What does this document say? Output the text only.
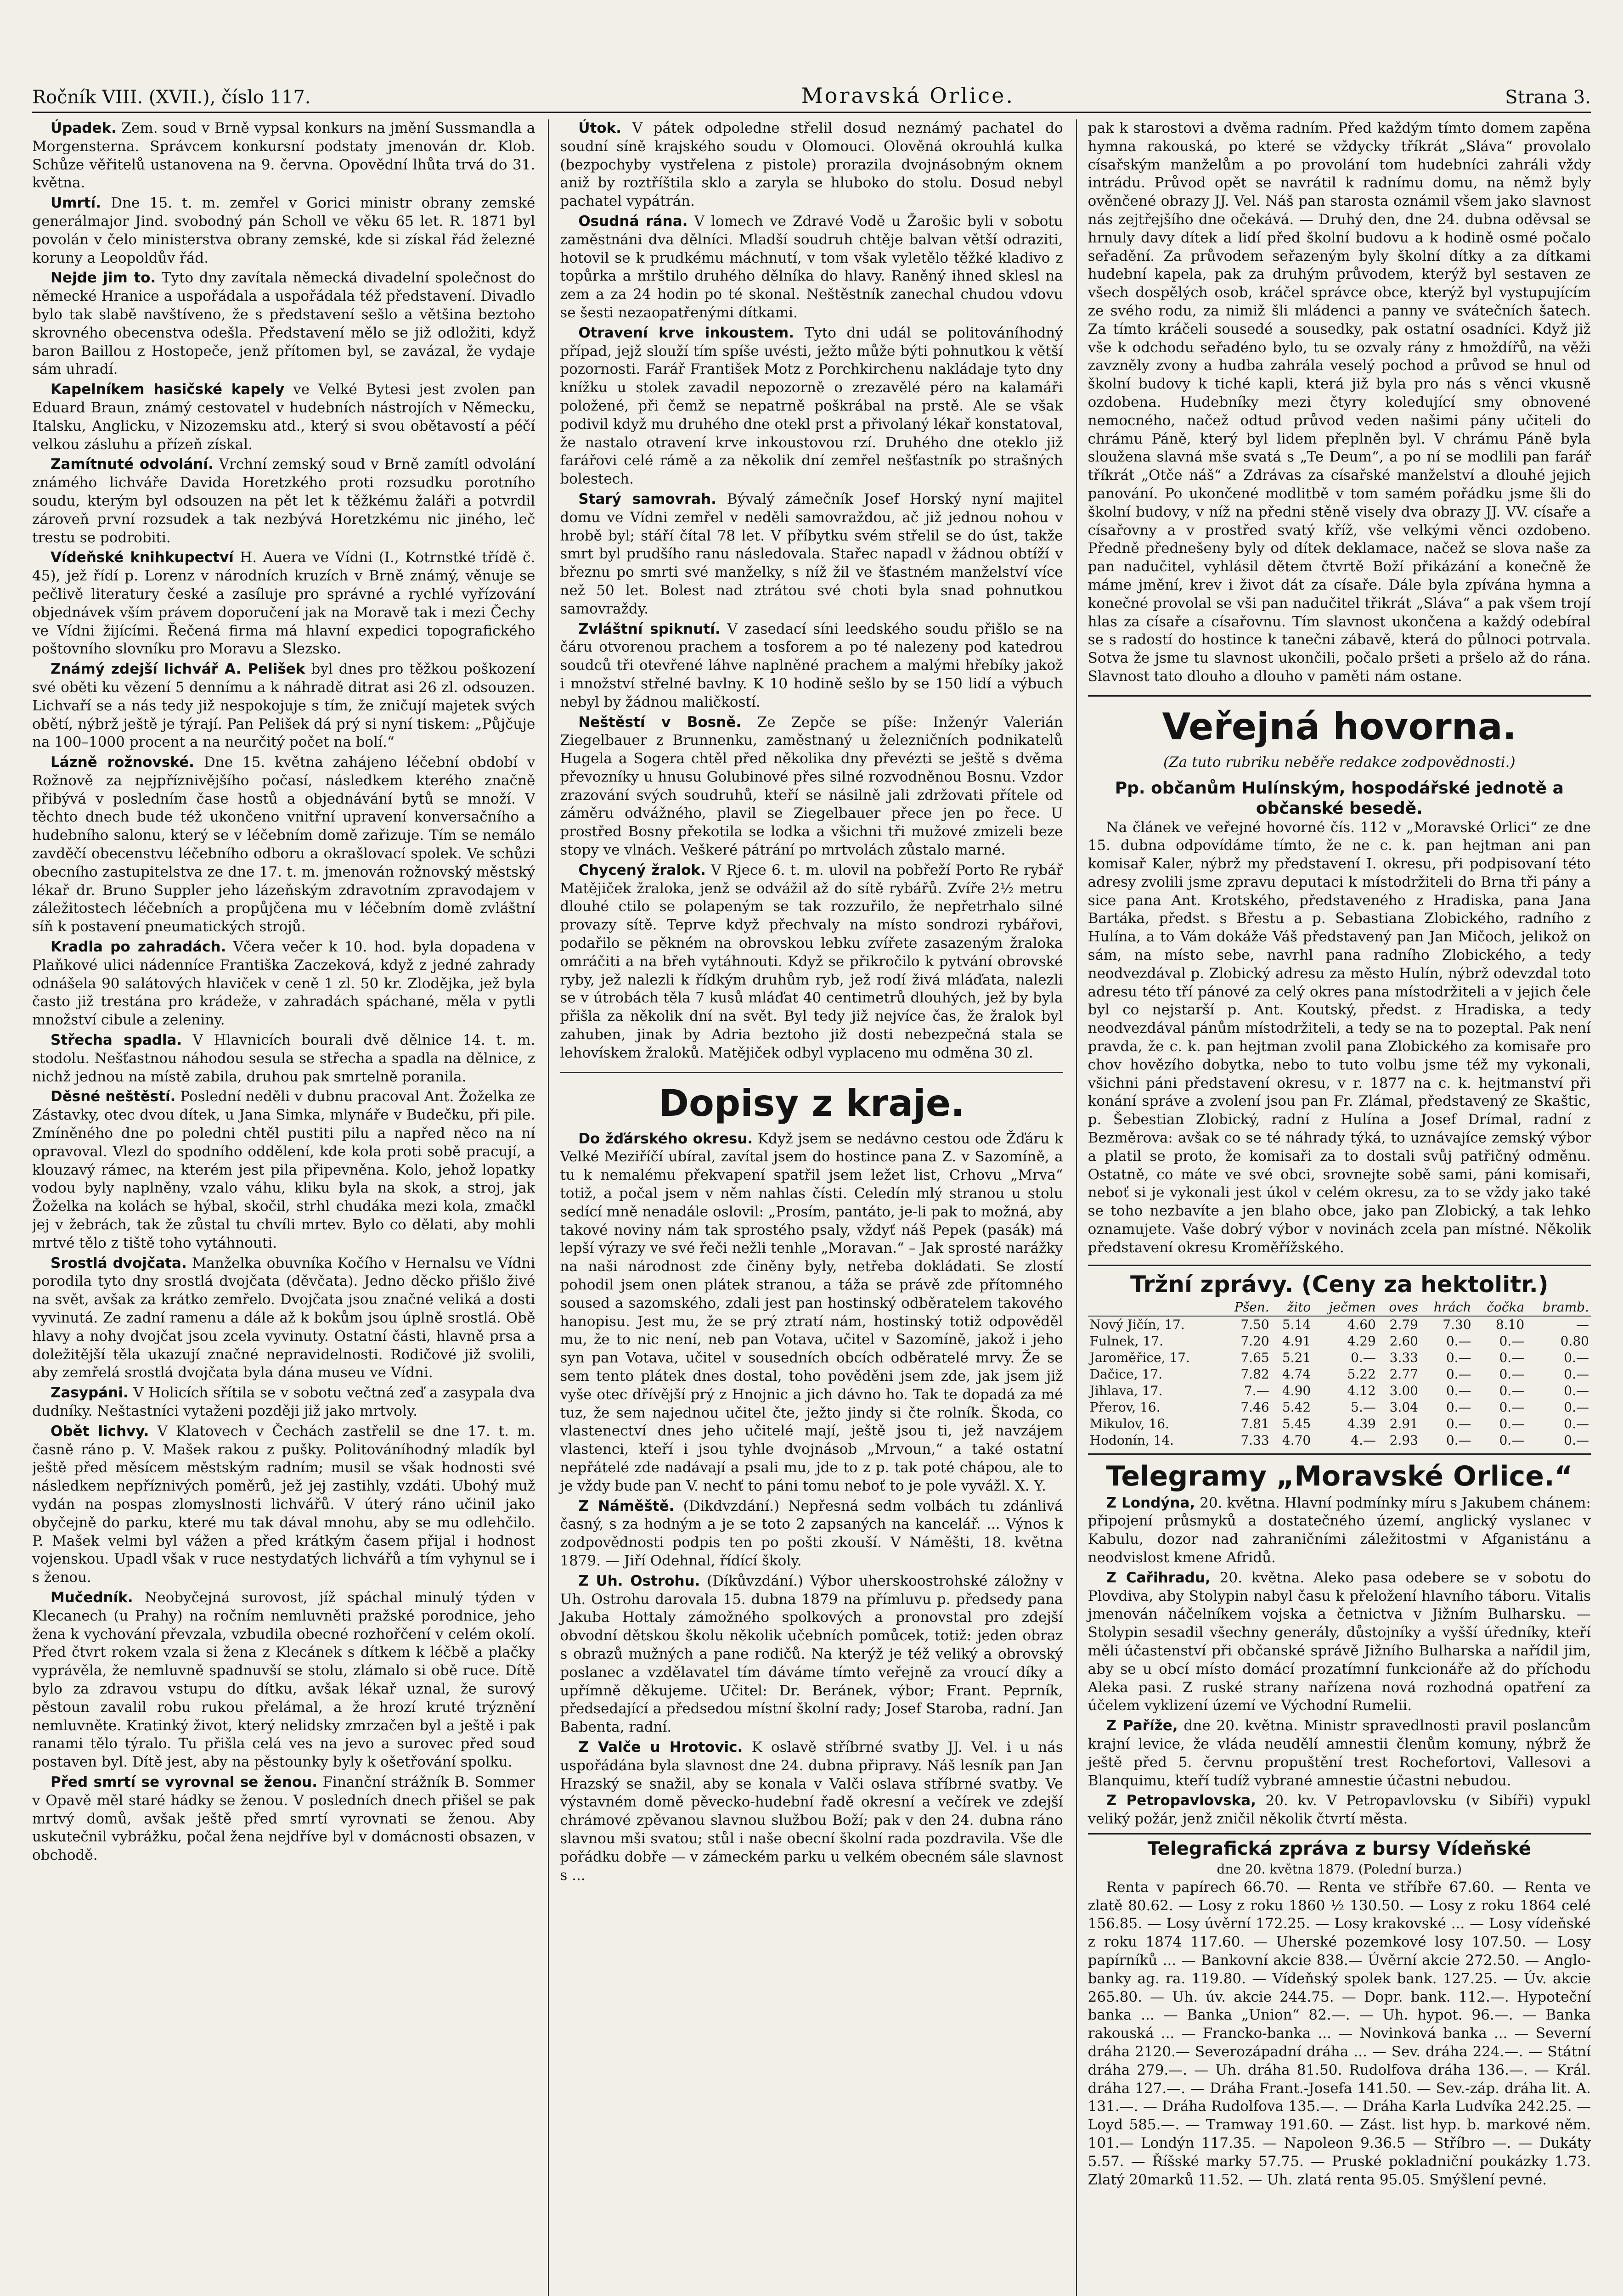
Ročník VIII. (XVII.), číslo 117.	Moravská Orlice.	Strana 3.

Úpadek. Zem. soud v Brně vypsal konkurs na jmění Sussmandla a Morgensterna. Správcem konkursní podstaty jmenován dr. Klob. Schůze věřitelů ustanovena na 9. června. Opovědní lhůta trvá do 31. května.

Umrtí. Dne 15. t. m. zemřel v Gorici ministr obrany zemské generálmajor Jind. svobodný pán Scholl ve věku 65 let. R. 1871 byl povolán v čelo ministerstva obrany zemské, kde si získal řád železné koruny a Leopoldův řád.

Nejde jim to. Tyto dny zavítala německá divadelní společnost do německé Hranice a uspořádala a uspořádala též představení. Divadlo bylo tak slabě navštíveno, že s představení sešlo a většina beztoho skrovného obecenstva odešla. Představení mělo se již odložiti, když baron Baillou z Hostopeče, jenž přítomen byl, se zavázal, že vydaje sám uhradí.

Kapelníkem hasičské kapely ve Velké Bytesi jest zvolen pan Eduard Braun, známý cestovatel v hudebních nástrojích v Německu, Italsku, Anglicku, v Nizozemsku atd., který si svou obětavostí a péčí velkou zásluhu a přízeň získal.

Zamítnuté odvolání. Vrchní zemský soud v Brně zamítl odvolání známého lichváře Davida Horetzkého proti rozsudku porotního soudu, kterým byl odsouzen na pět let k těžkému žaláři a potvrdil zároveň první rozsudek a tak nezbývá Horetzkému nic jiného, leč trestu se podrobiti.

Vídeňské knihkupectví H. Auera ve Vídni (I., Kotrnstké třídě č. 45), jež řídí p. Lorenz v národních kruzích v Brně známý, věnuje se pečlivě literatury české a zasíluje pro správné a rychlé vyřízování objednávek vším právem doporučení jak na Moravě tak i mezi Čechy ve Vídni žijícími. Řečená firma má hlavní expedici topografického poštovního slovníku pro Moravu a Slezsko.

Známý zdejší lichvář A. Pelišek byl dnes pro těžkou poškození své oběti ku vězení 5 dennímu a k náhradě ditrat asi 26 zl. odsouzen. Lichvaří se a nás tedy již nespokojuje s tím, že zničují majetek svých obětí, nýbrž ještě je týrají. Pan Pelišek dá prý si nyní tiskem: „Půjčuje na 100–1000 procent a na neurčitý počet na bolí.“

Lázně rožnovské. Dne 15. května zahájeno léčební období v Rožnově za nejpříznivějšího počasí, následkem kterého značně přibývá v posledním čase hostů a objednávání bytů se množí. V těchto dnech bude též ukončeno vnitřní upravení konversačního a hudebního salonu, který se v léčebním domě zařizuje. Tím se nemálo zavděčí obecenstvu léčebního odboru a okrašlovací spolek. Ve schůzi obecního zastupitelstva ze dne 17. t. m. jmenován rožnovský městský lékař dr. Bruno Suppler jeho lázeňským zdravotním zpravodajem v záležitostech léčebních a propůjčena mu v léčebním domě zvláštní síň k postavení pneumatických strojů.

Kradla po zahradách. Včera večer k 10. hod. byla dopadena v Plaňkové ulici nádenníce Františka Zaczeková, když z jedné zahrady odnášela 90 salátových hlaviček v ceně 1 zl. 50 kr. Zlodějka, jež byla často již trestána pro krádeže, v zahradách spáchané, měla v pytli množství cibule a zeleniny.

Střecha spadla. V Hlavnicích bourali dvě dělnice 14. t. m. stodolu. Nešťastnou náhodou sesula se střecha a spadla na dělnice, z nichž jednou na místě zabila, druhou pak smrtelně poranila.

Děsné neštěstí. Poslední neděli v dubnu pracoval Ant. Žoželka ze Zástavky, otec dvou dítek, u Jana Simka, mlynáře v Budečku, při pile. Zmíněného dne po poledni chtěl pustiti pilu a napřed něco na ní opravoval. Vlezl do spodního oddělení, kde kola proti sobě pracují, a klouzavý rámec, na kterém jest pila připevněna. Kolo, jehož lopatky vodou byly naplněny, vzalo váhu, kliku byla na skok, a stroj, jak Žoželka na kolách se hýbal, skočil, strhl chudáka mezi kola, zmačkl jej v žebrách, tak že zůstal tu chvíli mrtev. Bylo co dělati, aby mohli mrtvé tělo z tiště toho vytáhnouti.

Srostlá dvojčata. Manželka obuvníka Kočího v Hernalsu ve Vídni porodila tyto dny srostlá dvojčata (děvčata). Jedno děcko přišlo živé na svět, avšak za krátko zemřelo. Dvojčata jsou značné veliká a dosti vyvinutá. Ze zadní ramenu a dále až k bokům jsou úplně srostlá. Obě hlavy a nohy dvojčat jsou zcela vyvinuty. Ostatní části, hlavně prsa a doležitější těla ukazují značné nepravidelnosti. Rodičové již svolili, aby zemřelá srostlá dvojčata byla dána museu ve Vídni.

Zasypáni. V Holicích sřítila se v sobotu večtná zeď a zasypala dva dudníky. Neštastníci vytaženi později již jako mrtvoly.

Obět lichvy. V Klatovech v Čechách zastřelil se dne 17. t. m. časně ráno p. V. Mašek rakou z pušky. Politováníhodný mladík byl ještě před měsícem městským radním; musil se však hodnosti své následkem nepříznivých poměrů, jež jej zastihly, vzdáti. Ubohý muž vydán na pospas zlomyslnosti lichvářů. V úterý ráno učinil jako obyčejně do parku, které mu tak dával mnohu, aby se mu odlehčilo. P. Mašek velmi byl vážen a před krátkým časem přijal i hodnost vojenskou. Upadl však v ruce nestydatých lichvářů a tím vyhynul se i s ženou.

Mučedník. Neobyčejná surovost, jíž spáchal minulý týden v Klecanech (u Prahy) na ročním nemluvněti pražské porodnice, jeho žena k vychování převzala, vzbudila obecné rozhořčení v celém okolí. Před čtvrt rokem vzala si žena z Klecánek s dítkem k léčbě a plačky vyprávěla, že nemluvně spadnuvší se stolu, zlámalo si obě ruce. Dítě bylo za zdravou vstupu do dítku, avšak lékař uznal, že surový pěstoun zavalil robu rukou přelámal, a že hrozí kruté trýznění nemluvněte. Kratinký život, který nelidsky zmrzačen byl a ještě i pak ranami tělo týralo. Tu přišla celá ves na jevo a surovec před soud postaven byl. Dítě jest, aby na pěstounky byly k ošetřování spolku.

Před smrtí se vyrovnal se ženou. Finanční strážník B. Sommer v Opavě měl staré hádky se ženou. V posledních dnech přišel se pak mrtvý domů, avšak ještě před smrtí vyrovnati se ženou. Aby uskutečnil vybrážku, počal žena nejdříve byl v domácnosti obsazen, v obchodě.

Útok. V pátek odpoledne střelil dosud neznámý pachatel do soudní síně krajského soudu v Olomouci. Olověná okrouhlá kulka (bezpochyby vystřelena z pistole) prorazila dvojnásobným oknem aniž by roztříštila sklo a zaryla se hluboko do stolu. Dosud nebyl pachatel vypátrán.

Osudná rána. V lomech ve Zdravé Vodě u Žarošic byli v sobotu zaměstnáni dva dělníci. Mladší soudruh chtěje balvan větší odraziti, hotovil se k prudkému máchnutí, v tom však vyletělo těžké kladivo z topůrka a mrštilo druhého dělníka do hlavy. Raněný ihned sklesl na zem a za 24 hodin po té skonal. Neštěstník zanechal chudou vdovu se šesti nezaopatřenými dítkami.

Otravení krve inkoustem. Tyto dni udál se politováníhodný případ, jejž slouží tím spíše uvésti, ježto může býti pohnutkou k větší pozornosti. Farář František Motz z Porchkirchenu nakládaje tyto dny knížku u stolek zavadil nepozorně o zrezavělé péro na kalamáři položené, při čemž se nepatrně poškrábal na prstě. Ale se však podivil když mu druhého dne otekl prst a přivolaný lékař konstatoval, že nastalo otravení krve inkoustovou rzí. Druhého dne oteklo již farářovi celé rámě a za několik dní zemřel nešťastník po strašných bolestech.

Starý samovrah. Bývalý zámečník Josef Horský nyní majitel domu ve Vídni zemřel v neděli samovraždou, ač již jednou nohou v hrobě byl; stáří čítal 78 let. V příbytku svém střelil se do úst, takže smrt byl prudšího ranu následovala. Stařec napadl v žádnou obtíží v březnu po smrti své manželky, s níž žil ve šťastném manželství více než 50 let. Bolest nad ztrátou své choti byla snad pohnutkou samovraždy.

Zvláštní spiknutí. V zasedací síni leedského soudu přišlo se na čáru otvorenou prachem a tosforem a po té nalezeny pod katedrou soudců tři otevřené láhve naplněné prachem a malými hřebíky jakož i množství střelné bavlny. K 10 hodině sešlo by se 150 lidí a výbuch nebyl by žádnou maličkostí.

Neštěstí v Bosně. Ze Zepče se píše: Inženýr Valerián Ziegelbauer z Brunnenku, zaměstnaný u železničních podnikatelů Hugela a Sogera chtěl před několika dny převézti se ještě s dvěma převozníky u hnusu Golubinové přes silné rozvodněnou Bosnu. Vzdor zrazování svých soudruhů, kteří se násilně jali zdržovati přítele od záměru odvážného, plavil se Ziegelbauer přece jen po řece. U prostřed Bosny překotila se lodka a všichni tři mužové zmizeli beze stopy ve vlnách. Veškeré pátrání po mrtvolách zůstalo marné.

Chycený žralok. V Rjece 6. t. m. ulovil na pobřeží Porto Re rybář Matějiček žraloka, jenž se odvážil až do sítě rybářů. Zvíře 2½ metru dlouhé ctilo se polapeným se tak rozzuřilo, že nepřetrhalo silné provazy sítě. Teprve když přechvaly na místo sondrozi rybářovi, podařilo se pěkném na obrovskou lebku zvířete zasazeným žraloka omráčiti a na břeh vytáhnouti. Když se přikročilo k pytvání obrovské ryby, jež nalezli k řídkým druhům ryb, jež rodí živá mláďata, nalezli se v útrobách těla 7 kusů mláďat 40 centimetrů dlouhých, jež by byla přišla za několik dní na svět. Byl tedy již nejvíce čas, že žralok byl zahuben, jinak by Adria beztoho již dosti nebezpečná stala se lehovískem žraloků. Matějiček odbyl vyplaceno mu odměna 30 zl.

Dopisy z kraje.

Do žďárského okresu. Když jsem se nedávno cestou ode Žďáru k Velké Meziříčí ubíral, zavítal jsem do hostince pana Z. v Sazomíně, a tu k nemalému překvapení spatřil jsem ležet list, Crhovu „Mrva“ totiž, a počal jsem v něm nahlas čísti. Celedín mlý stranou u stolu sedící mně nenadále oslovil: „Prosím, pantáto, je-li pak to možná, aby takové noviny nám tak sprostého psaly, vždyť náš Pepek (pasák) má lepší výrazy ve své řeči nežli tenhle „Moravan.“ – Jak sprosté narážky na naši národnost zde činěny byly, netřeba dokládati. Se zlostí pohodil jsem onen plátek stranou, a táža se právě zde přítomného soused a sazomského, zdali jest pan hostinský odběratelem takového hanopisu. Jest mu, že se prý ztratí nám, hostinský totiž odpověděl mu, že to nic není, neb pan Votava, učitel v Sazomíně, jakož i jeho syn pan Votava, učitel v sousedních obcích odběratelé mrvy. Že se sem tento plátek dnes dostal, toho pověděni jsem zde, jak jsem již vyše otec dřívější prý z Hnojnic a jich dávno ho. Tak te dopadá za mé tuz, že sem najednou učitel čte, ježto jindy si čte rolník. Škoda, co vlastenectví dnes jeho učitelé mají, ještě jsou ti, jež navzájem vlastenci, kteří i jsou tyhle dvojnásob „Mrvoun,“ a také ostatní nepřátelé zde nadávají a psali mu, jde to z p. tak poté chápou, ale to je vždy bude pan V. nechť to páni tomu neboť to je pole vyvážl. X. Y.

Z Náměště. (Dikdvzdání.) Nepřesná sedm volbách tu zdánlivá časný, s za hodným a je se toto 2 zapsaných na kancelář. ... Výnos k zodpovědnosti podpis ten po pošti zkouší. V Náměšti, 18. května 1879. — Jiří Odehnal, řídící školy.

Z Uh. Ostrohu. (Díkůvzdání.) Výbor uherskoostrohské záložny v Uh. Ostrohu darovala 15. dubna 1879 na přímluvu p. předsedy pana Jakuba Hottaly zámožného spolkových a pronovstal pro zdejší obvodní dětskou školu několik učebních pomůcek, totiž: jeden obraz s obrazů mužných a pane rodičů. Na kterýž je též veliký a obrovský poslanec a vzdělavatel tím dáváme tímto veřejně za vroucí díky a upřímně děkujeme. Učitel: Dr. Beránek, výbor; Frant. Peprník, předsedající a předsedou místní školní rady; Josef Staroba, radní. Jan Babenta, radní.

Z Valče u Hrotovic. K oslavě stříbrné svatby JJ. Vel. i u nás uspořádána byla slavnost dne 24. dubna připravy. Náš lesník pan Jan Hrazský se snažil, aby se konala v Valči oslava stříbrné svatby. Ve výstavném domě pěvecko-hudební řadě okresní a večírek ve zdejší chrámové zpěvanou slavnou službou Boží; pak v den 24. dubna ráno slavnou mši svatou; stůl i naše obecní školní rada pozdravila. Vše dle pořádku dobře — v zámeckém parku u velkém obecném sále slavnost s ...

pak k starostovi a dvěma radním. Před každým tímto domem zapěna hymna rakouská, po které se vždycky tříkrát „Sláva“ provolalo císařským manželům a po provolání tom hudebníci zahráli vždy intrádu. Průvod opět se navrátil k radnímu domu, na němž byly ověnčené obrazy JJ. Vel. Náš pan starosta oznámil všem jako slavnost nás zejtřejšího dne očekává. — Druhý den, dne 24. dubna oděvsal se hrnuly davy dítek a lidí před školní budovu a k hodině osmé počalo seřadění. Za průvodem seřazeným byly školní dítky a za dítkami hudební kapela, pak za druhým průvodem, kterýž byl sestaven ze všech dospělých osob, kráčel správce obce, kterýž byl vystupujícím ze svého rodu, za nimiž šli mládenci a panny ve svátečních šatech. Za tímto kráčeli sousedé a sousedky, pak ostatní osadníci. Když již vše k odchodu seřadéno bylo, tu se ozvaly rány z hmoždířů, na věži zavzněly zvony a hudba zahrála veselý pochod a průvod se hnul od školní budovy k tiché kapli, která již byla pro nás s věnci vkusně ozdobena. Hudebníky mezi čtyry koledující smy obnovené nemocného, načež odtud průvod veden našimi pány učiteli do chrámu Páně, který byl lidem přeplněn byl. V chrámu Páně byla sloužena slavná mše svatá s „Te Deum“, a po ní se modlili pan farář tříkrát „Otče náš“ a Zdrávas za císařské manželství a dlouhé jejich panování. Po ukončené modlitbě v tom samém pořádku jsme šli do školní budovy, v níž na předni stěně visely dva obrazy JJ. VV. císaře a císařovny a v prostřed svatý kříž, vše velkými věnci ozdobeno. Předně přednešeny byly od dítek deklamace, načež se slova naše za pan nadučitel, vyhlásil dětem čtvrtě Boží přikázání a konečně že máme jmění, krev i život dát za císaře. Dále byla zpívána hymna a konečné provolal se vši pan nadučitel třikrát „Sláva“ a pak všem trojí hlas za císaře a císařovnu. Tím slavnost ukončena a každý odebíral se s radostí do hostince k tanečni zábavě, která do půlnoci potrvala. Sotva že jsme tu slavnost ukončili, počalo pršeti a pršelo až do rána. Slavnost tato dlouho a dlouho v paměti nám ostane.

Veřejná hovorna.
(Za tuto rubriku neběře redakce zodpovědnosti.)
Pp. občanům Hulínským, hospodářské jednotě a občanské besedě.

Na článek ve veřejné hovorné čís. 112 v „Moravské Orlici“ ze dne 15. dubna odpovídáme tímto, že ne c. k. pan hejtman ani pan komisař Kaler, nýbrž my představení I. okresu, při podpisovaní této adresy zvolili jsme zpravu deputaci k místodržiteli do Brna tři pány a sice pana Ant. Krotského, představeného z Hradiska, pana Jana Bartáka, předst. s Břestu a p. Sebastiana Zlobického, radního z Hulína, a to Vám dokáže Váš představený pan Jan Mičoch, jelikož on sám, na místo sebe, navrhl pana radního Zlobického, a tedy neodvezdával p. Zlobický adresu za město Hulín, nýbrž odevzdal toto adresu této tří pánové za celý okres pana místodržiteli a v jejich čele byl co nejstarší p. Ant. Koutský, předst. z Hradiska, a tedy neodvezdával pánům místodržiteli, a tedy se na to pozeptal. Pak není pravda, že c. k. pan hejtman zvolil pana Zlobického za komisaře pro chov hovězího dobytka, nebo to tuto volbu jsme též my vykonali, všichni páni představení okresu, v r. 1877 na c. k. hejtmanství při konání správe a zvolení jsou pan Fr. Zlámal, představený ze Skaštic, p. Šebestian Zlobický, radní z Hulína a Josef Drímal, radní z Bezměrova: avšak co se té náhrady týká, to uznávajíce zemský výbor a platil se proto, že komisaři za to dostali svůj patřičný odměnu. Ostatně, co máte ve své obci, srovnejte sobě sami, páni komisaři, neboť si je vykonali jest úkol v celém okresu, za to se vždy jako také se toho nezbavíte a jen blaho obce, jako pan Zlobický, a tak lehko oznamujete. Vaše dobrý výbor v novinách zcela pan místné. Několik představení okresu Kroměřížského.

Tržní zprávy. (Ceny za hektolitr.)
	Pšen.	žito	ječmen	oves	hrách	čočka	bramb.
Nový Jičín, 17.	7.50	5.14	4.60	2.79	7.30	8.10	—
Fulnek, 17.	7.20	4.91	4.29	2.60	0.—	0.—	0.80
Jaroměřice, 17.	7.65	5.21	0.—	3.33	0.—	0.—	0.—
Dačice, 17.	7.82	4.74	5.22	2.77	0.—	0.—	0.—
Jihlava, 17.	7.—	4.90	4.12	3.00	0.—	0.—	0.—
Přerov, 16.	7.46	5.42	5.—	3.04	0.—	0.—	0.—
Mikulov, 16.	7.81	5.45	4.39	2.91	0.—	0.—	0.—
Hodonín, 14.	7.33	4.70	4.—	2.93	0.—	0.—	0.—
Telegramy „Moravské Orlice.“

Z Londýna, 20. května. Hlavní podmínky míru s Jakubem chánem: připojení průsmyků a dostatečného území, anglický vyslanec v Kabulu, dozor nad zahraničními záležitostmi v Afganistánu a neodvislost kmene Afridů.

Z Cařihradu, 20. května. Aleko pasa odebere se v sobotu do Plovdiva, aby Stolypin nabyl času k přeložení hlavního táboru. Vitalis jmenován náčelníkem vojska a četnictva v Jižním Bulharsku. — Stolypin sesadil všechny generály, důstojníky a vyšší úředníky, kteří měli účastenství při občanské správě Jižního Bulharska a nařídil jim, aby se u obcí místo domácí prozatímní funkcionáře až do příchodu Aleka pasi. Z ruské strany nařízena nová rozhodná opatření za účelem vyklizení území ve Východní Rumelii.

Z Paříže, dne 20. května. Ministr spravedlnosti pravil poslancům krajní levice, že vláda neudělí amnestii členům komuny, nýbrž že ještě před 5. červnu propuštění trest Rochefortovi, Vallesovi a Blanquimu, kteří tudíž vybrané amnestie účastni nebudou.

Z Petropavlovska, 20. kv. V Petropavlovsku (v Sibíři) vypukl veliký požár, jenž zničil několik čtvrtí města.

Telegrafická zpráva z bursy Vídeňské
dne 20. května 1879. (Polední burza.)

Renta v papírech 66.70. — Renta ve stříbře 67.60. — Renta ve zlatě 80.62. — Losy z roku 1860 ½ 130.50. — Losy z roku 1864 celé 156.85. — Losy úvěrní 172.25. — Losy krakovské ... — Losy vídeňské z roku 1874 117.60. — Uherské pozemkové losy 107.50. — Losy papírníků ... — Bankovní akcie 838.— Úvěrní akcie 272.50. — Anglo-banky ag. ra. 119.80. — Vídeňský spolek bank. 127.25. — Úv. akcie 265.80. — Uh. úv. akcie 244.75. — Dopr. bank. 112.—. Hypoteční banka ... — Banka „Union“ 82.—. — Uh. hypot. 96.—. — Banka rakouská ... — Francko-banka ... — Novinková banka ... — Severní dráha 2120.— Severozápadní dráha ... — Sev. dráha 224.—. — Státní dráha 279.—. — Uh. dráha 81.50. Rudolfova dráha 136.—. — Král. dráha 127.—. — Dráha Frant.-Josefa 141.50. — Sev.-záp. dráha lit. A. 131.—. — Dráha Rudolfova 135.—. — Dráha Karla Ludvíka 242.25. — Loyd 585.—. — Tramway 191.60. — Zást. list hyp. b. markové něm. 101.— Londýn 117.35. — Napoleon 9.36.5 — Stříbro —. — Dukáty 5.57. — Říšské marky 57.75. — Pruské pokladniční poukázky 1.73. Zlatý 20marků 11.52. — Uh. zlatá renta 95.05. Smýšlení pevné.
